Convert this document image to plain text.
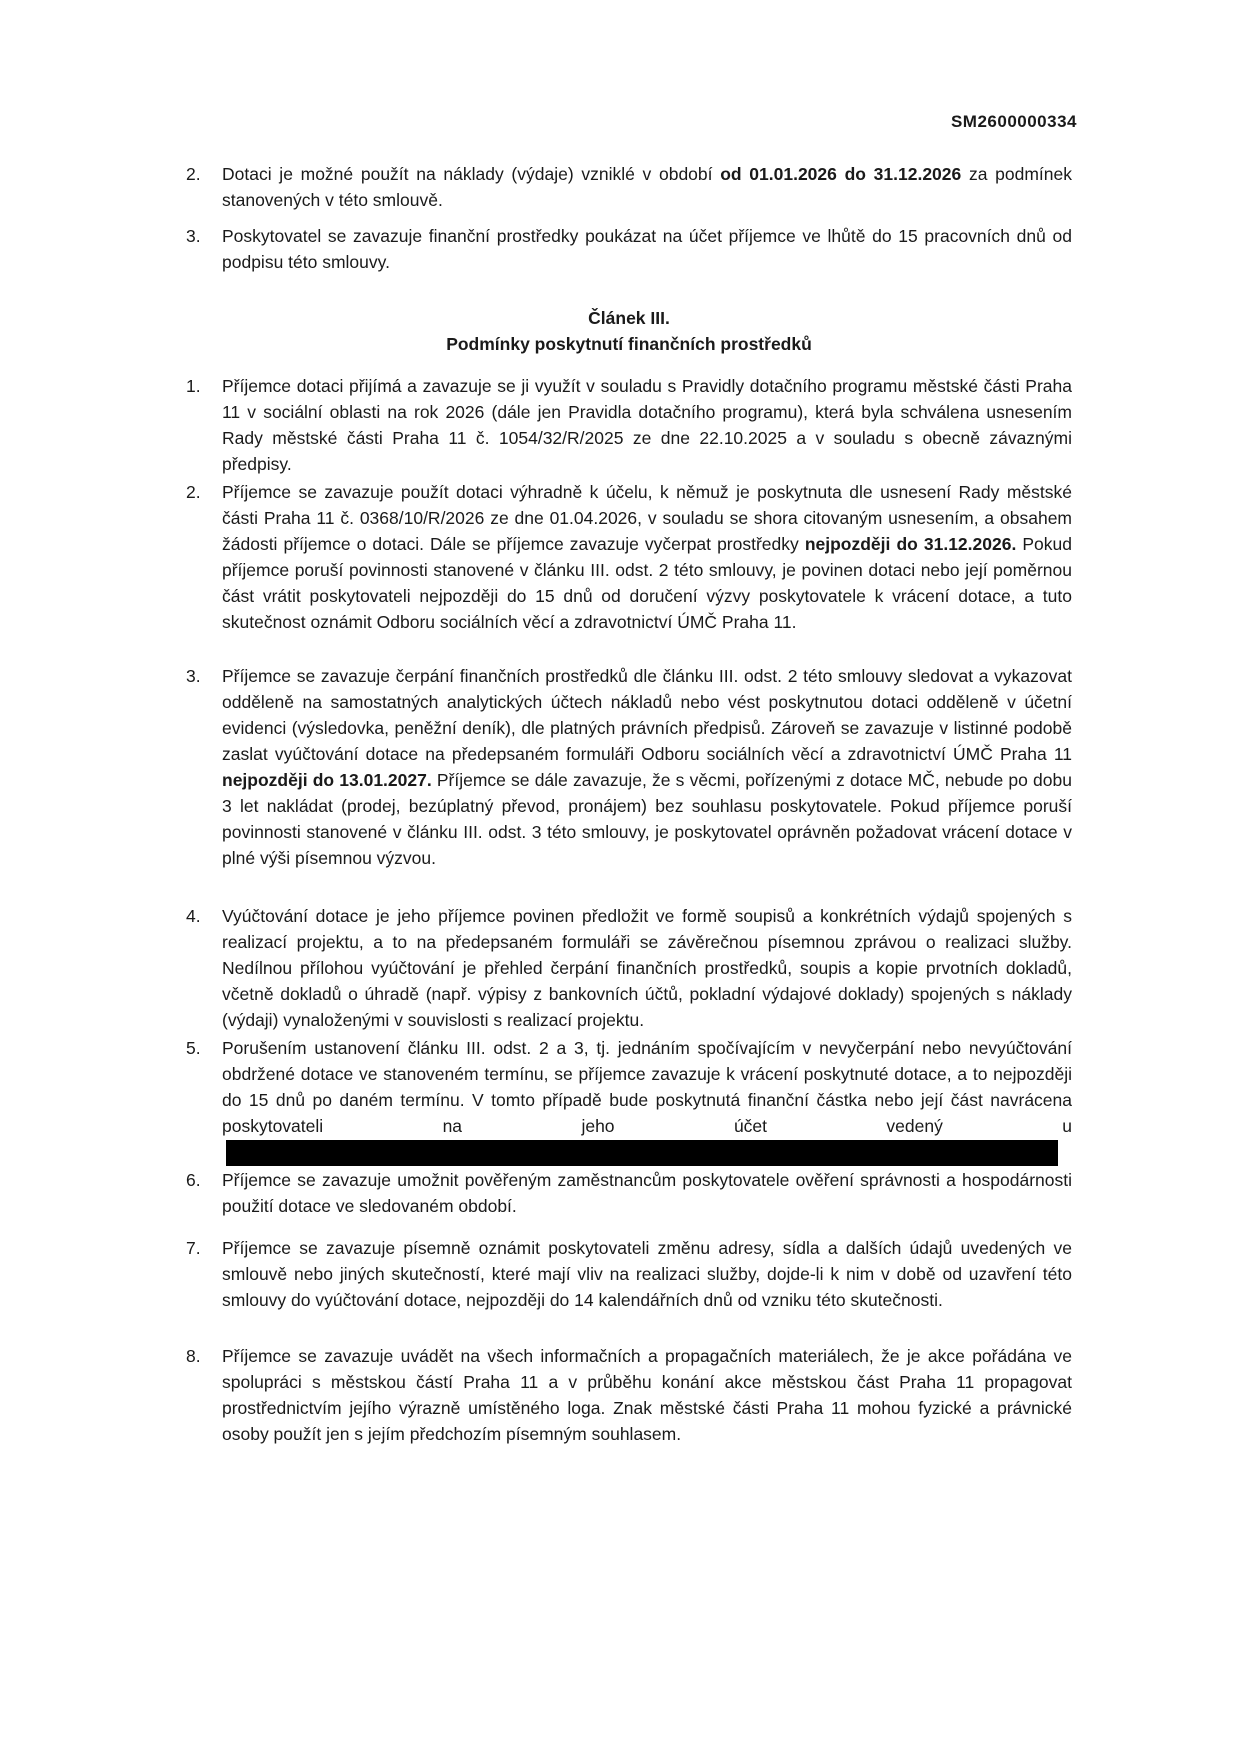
SM2600000334
2.	Dotaci je možné použít na náklady (výdaje) vzniklé v období od 01.01.2026 do 31.12.2026 za podmínek stanovených v této smlouvě.
3.	Poskytovatel se zavazuje finanční prostředky poukázat na účet příjemce ve lhůtě do 15 pracovních dnů od podpisu této smlouvy.
Článek III.
Podmínky poskytnutí finančních prostředků
1.	Příjemce dotaci přijímá a zavazuje se ji využít v souladu s Pravidly dotačního programu městské části Praha 11 v sociální oblasti na rok 2026 (dále jen Pravidla dotačního programu), která byla schválena usnesením Rady městské části Praha 11 č. 1054/32/R/2025 ze dne 22.10.2025 a v souladu s obecně závaznými předpisy.
2.	Příjemce se zavazuje použít dotaci výhradně k účelu, k němuž je poskytnuta dle usnesení Rady městské části Praha 11 č. 0368/10/R/2026 ze dne 01.04.2026, v souladu se shora citovaným usnesením, a obsahem žádosti příjemce o dotaci. Dále se příjemce zavazuje vyčerpat prostředky nejpozději do 31.12.2026. Pokud příjemce poruší povinnosti stanovené v článku III. odst. 2 této smlouvy, je povinen dotaci nebo její poměrnou část vrátit poskytovateli nejpozději do 15 dnů od doručení výzvy poskytovatele k vrácení dotace, a tuto skutečnost oznámit Odboru sociálních věcí a zdravotnictví ÚMČ Praha 11.
3.	Příjemce se zavazuje čerpání finančních prostředků dle článku III. odst. 2 této smlouvy sledovat a vykazovat odděleně na samostatných analytických účtech nákladů nebo vést poskytnutou dotaci odděleně v účetní evidenci (výsledovka, peněžní deník), dle platných právních předpisů. Zároveň se zavazuje v listinné podobě zaslat vyúčtování dotace na předepsaném formuláři Odboru sociálních věcí a zdravotnictví ÚMČ Praha 11 nejpozději do 13.01.2027. Příjemce se dále zavazuje, že s věcmi, pořízenými z dotace MČ, nebude po dobu 3 let nakládat (prodej, bezúplatný převod, pronájem) bez souhlasu poskytovatele. Pokud příjemce poruší povinnosti stanovené v článku III. odst. 3 této smlouvy, je poskytovatel oprávněn požadovat vrácení dotace v plné výši písemnou výzvou.
4.	Vyúčtování dotace je jeho příjemce povinen předložit ve formě soupisů a konkrétních výdajů spojených s realizací projektu, a to na předepsaném formuláři se závěrečnou písemnou zprávou o realizaci služby. Nedílnou přílohou vyúčtování je přehled čerpání finančních prostředků, soupis a kopie prvotních dokladů, včetně dokladů o úhradě (např. výpisy z bankovních účtů, pokladní výdajové doklady) spojených s náklady (výdaji) vynaloženými v souvislosti s realizací projektu.
5.	Porušením ustanovení článku III. odst. 2 a 3, tj. jednáním spočívajícím v nevyčerpání nebo nevyúčtování obdržené dotace ve stanoveném termínu, se příjemce zavazuje k vrácení poskytnuté dotace, a to nejpozději do 15 dnů po daném termínu. V tomto případě bude poskytnutá finanční částka nebo její část navrácena poskytovateli na jeho účet vedený u
6.	Příjemce se zavazuje umožnit pověřeným zaměstnancům poskytovatele ověření správnosti a hospodárnosti použití dotace ve sledovaném období.
7.	Příjemce se zavazuje písemně oznámit poskytovateli změnu adresy, sídla a dalších údajů uvedených ve smlouvě nebo jiných skutečností, které mají vliv na realizaci služby, dojde-li k nim v době od uzavření této smlouvy do vyúčtování dotace, nejpozději do 14 kalendářních dnů od vzniku této skutečnosti.
8.	Příjemce se zavazuje uvádět na všech informačních a propagačních materiálech, že je akce pořádána ve spolupráci s městskou částí Praha 11 a v průběhu konání akce městskou část Praha 11 propagovat prostřednictvím jejího výrazně umístěného loga. Znak městské části Praha 11 mohou fyzické a právnické osoby použít jen s jejím předchozím písemným souhlasem.
